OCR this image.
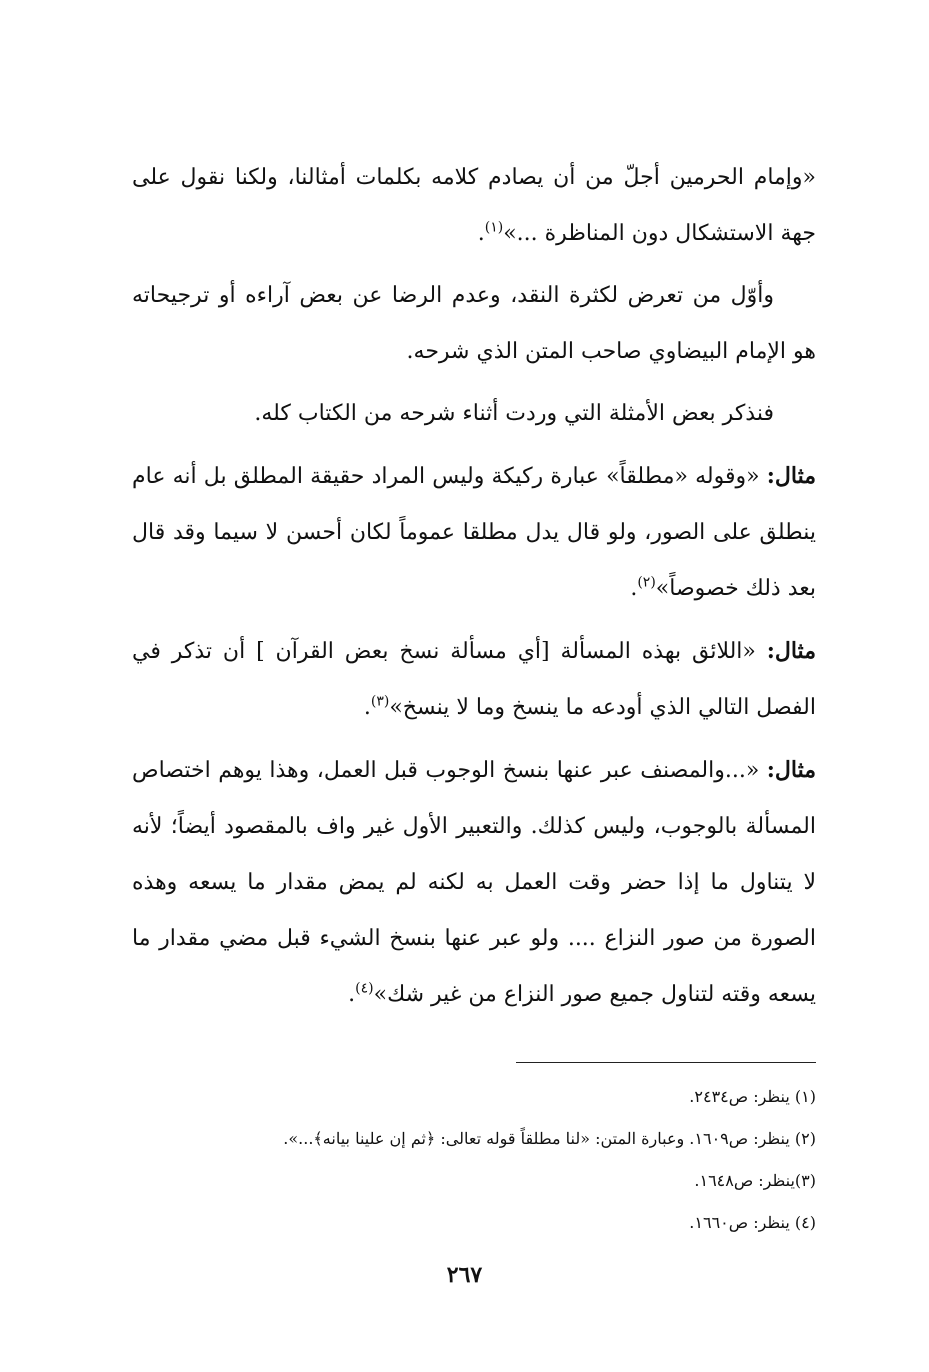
«وإمام الحرمين أجلّ من أن يصادم كلامه بكلمات أمثالنا، ولكنا نقول على جهة الاستشكال دون المناظرة ...»$^{(١)}$.

وأوّل من تعرض لكثرة النقد، وعدم الرضا عن بعض آراءه أو ترجيحاته هو الإمام البيضاوي صاحب المتن الذي شرحه.

فنذكر بعض الأمثلة التي وردت أثناء شرحه من الكتاب كله.

مثال: «وقوله «مطلقاً» عبارة ركيكة وليس المراد حقيقة المطلق بل أنه عام ينطلق على الصور، ولو قال يدل مطلقا عموماً لكان أحسن لا سيما وقد قال بعد ذلك خصوصاً»$^{(٢)}$.

مثال: «اللائق بهذه المسألة [أي مسألة نسخ بعض القرآن ] أن تذكر في الفصل التالي الذي أودعه ما ينسخ وما لا ينسخ»$^{(٣)}$.

مثال: «...والمصنف عبر عنها بنسخ الوجوب قبل العمل، وهذا يوهم اختصاص المسألة بالوجوب، وليس كذلك. والتعبير الأول غير واف بالمقصود أيضاً؛ لأنه لا يتناول ما إذا حضر وقت العمل به لكنه لم يمض مقدار ما يسعه وهذه الصورة من صور النزاع .... ولو عبر عنها بنسخ الشيء قبل مضي مقدار ما يسعه وقته لتناول جميع صور النزاع من غير شك»$^{(٤)}$.

(١) ينظر: ص٢٤٣٤.

(٢) ينظر: ص١٦٠٩. وعبارة المتن: «لنا مطلقاً قوله تعالى: ﴿ثم إن علينا بيانه﴾...».

(٣)ينظر: ص١٦٤٨.

(٤) ينظر: ص١٦٦٠.

٢٦٧
